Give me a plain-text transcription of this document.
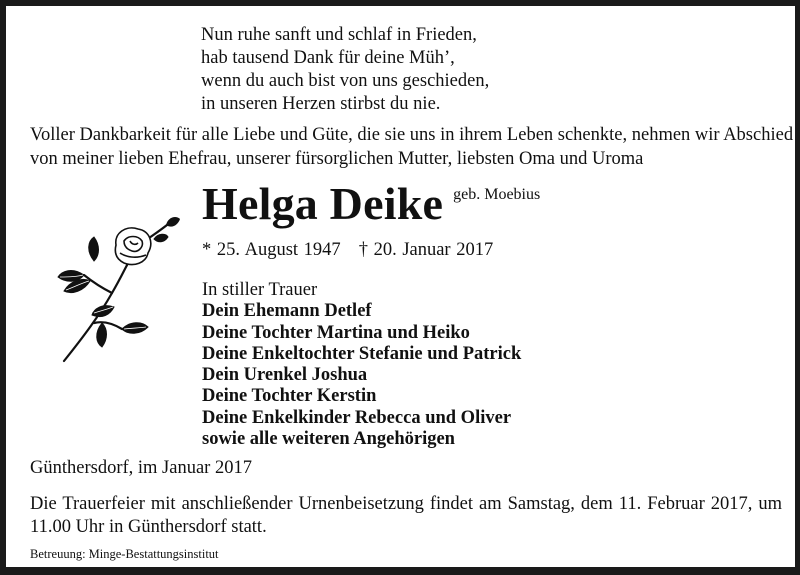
Nun ruhe sanft und schlaf in Frieden,
hab tausend Dank für deine Müh’,
wenn du auch bist von uns geschieden,
in unseren Herzen stirbst du nie.
Voller Dankbarkeit für alle Liebe und Güte, die sie uns in ihrem Leben schenkte, nehmen wir Abschied
von meiner lieben Ehefrau, unserer fürsorglichen Mutter, liebsten Oma und Uroma
Helga Deike geb. Moebius
* 25. August 1947 † 20. Januar 2017
In stiller Trauer
Dein Ehemann Detlef
Deine Tochter Martina und Heiko
Deine Enkeltochter Stefanie und Patrick
Dein Urenkel Joshua
Deine Tochter Kerstin
Deine Enkelkinder Rebecca und Oliver
sowie alle weiteren Angehörigen
Günthersdorf, im Januar 2017
Die Trauerfeier mit anschließender Urnenbeisetzung findet am Samstag, dem 11. Februar 2017, um
11.00 Uhr in Günthersdorf statt.
Betreuung: Minge-Bestattungsinstitut
